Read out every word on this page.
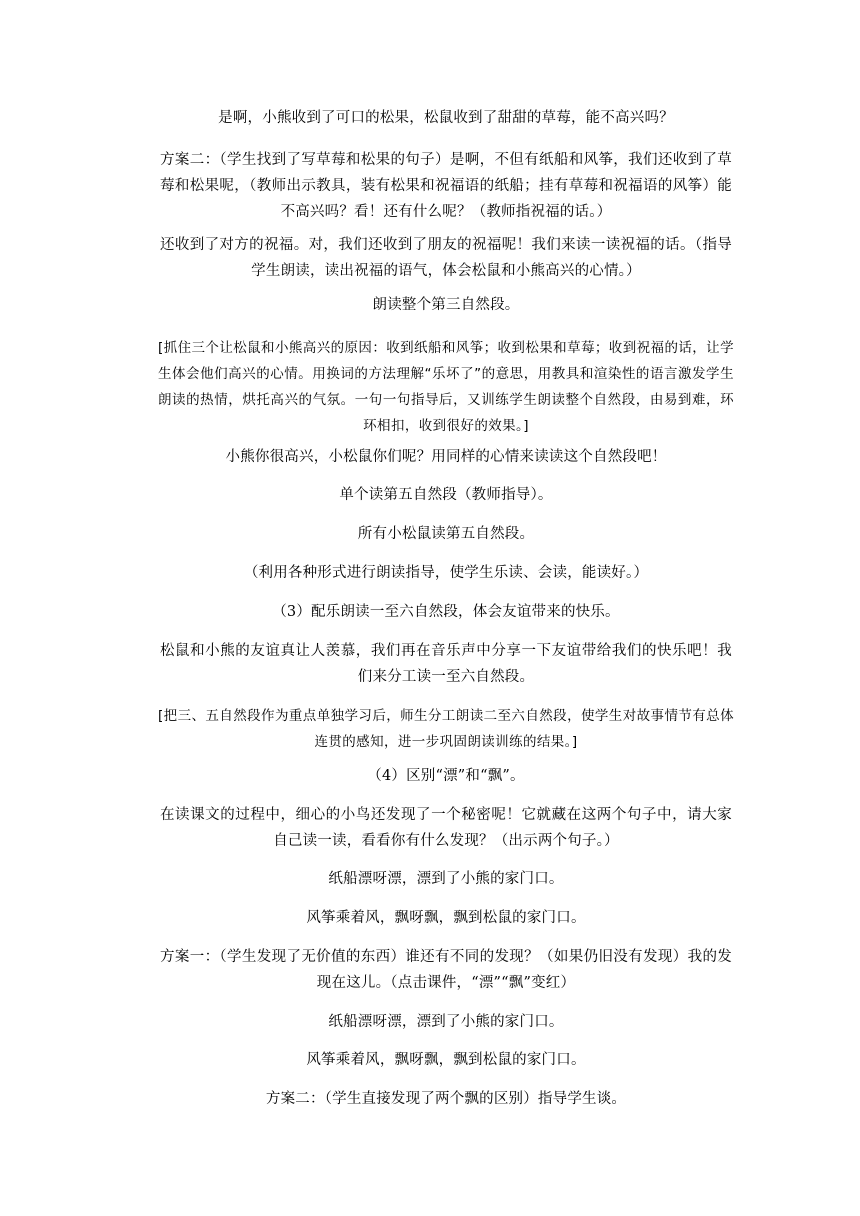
是啊，小熊收到了可口的松果，松鼠收到了甜甜的草莓，能不高兴吗？

方案二：（学生找到了写草莓和松果的句子）是啊，不但有纸船和风筝，我们还收到了草莓和松果呢，（教师出示教具，装有松果和祝福语的纸船；挂有草莓和祝福语的风筝）能不高兴吗？看！还有什么呢？（教师指祝福的话。）

还收到了对方的祝福。对，我们还收到了朋友的祝福呢！我们来读一读祝福的话。（指导学生朗读，读出祝福的语气，体会松鼠和小熊高兴的心情。）

朗读整个第三自然段。

[抓住三个让松鼠和小熊高兴的原因：收到纸船和风筝；收到松果和草莓；收到祝福的话，让学生体会他们高兴的心情。用换词的方法理解“乐坏了”的意思，用教具和渲染性的语言激发学生朗读的热情，烘托高兴的气氛。一句一句指导后，又训练学生朗读整个自然段，由易到难，环环相扣，收到很好的效果。]

小熊你很高兴，小松鼠你们呢？用同样的心情来读读这个自然段吧！

单个读第五自然段（教师指导）。

所有小松鼠读第五自然段。

（利用各种形式进行朗读指导，使学生乐读、会读，能读好。）

（3）配乐朗读一至六自然段，体会友谊带来的快乐。

松鼠和小熊的友谊真让人羡慕，我们再在音乐声中分享一下友谊带给我们的快乐吧！我们来分工读一至六自然段。

[把三、五自然段作为重点单独学习后，师生分工朗读二至六自然段，使学生对故事情节有总体连贯的感知，进一步巩固朗读训练的结果。]

（4）区别“漂”和“飘”。

在读课文的过程中，细心的小鸟还发现了一个秘密呢！它就藏在这两个句子中，请大家自己读一读，看看你有什么发现？（出示两个句子。）

纸船漂呀漂，漂到了小熊的家门口。

风筝乘着风，飘呀飘，飘到松鼠的家门口。

方案一：（学生发现了无价值的东西）谁还有不同的发现？（如果仍旧没有发现）我的发现在这儿。（点击课件，“漂”“飘”变红）

纸船漂呀漂，漂到了小熊的家门口。

风筝乘着风，飘呀飘，飘到松鼠的家门口。

方案二：（学生直接发现了两个飘的区别）指导学生谈。
